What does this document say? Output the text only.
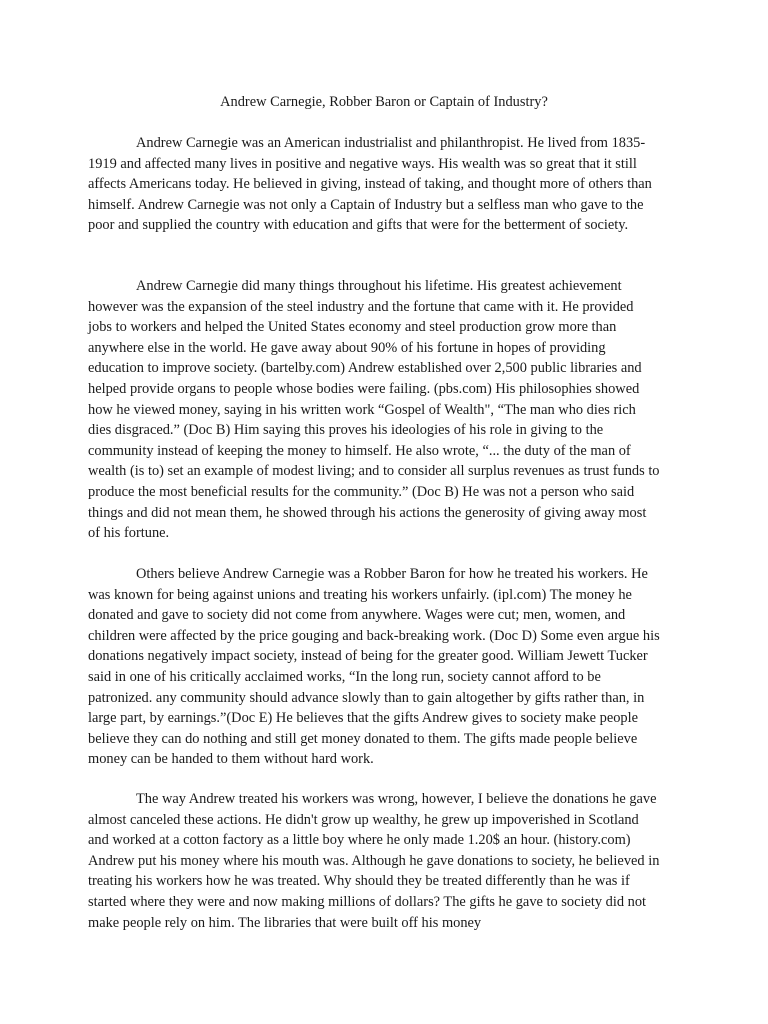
Andrew Carnegie, Robber Baron or Captain of Industry?

Andrew Carnegie was an American industrialist and philanthropist. He lived from 1835-1919 and affected many lives in positive and negative ways. His wealth was so great that it still affects Americans today. He believed in giving, instead of taking, and thought more of others than himself. Andrew Carnegie was not only a Captain of Industry but a selfless man who gave to the poor and supplied the country with education and gifts that were for the betterment of society.

Andrew Carnegie did many things throughout his lifetime. His greatest achievement however was the expansion of the steel industry and the fortune that came with it. He provided jobs to workers and helped the United States economy and steel production grow more than anywhere else in the world. He gave away about 90% of his fortune in hopes of providing education to improve society. (bartelby.com) Andrew established over 2,500 public libraries and helped provide organs to people whose bodies were failing. (pbs.com) His philosophies showed how he viewed money, saying in his written work “Gospel of Wealth", “The man who dies rich dies disgraced.” (Doc B) Him saying this proves his ideologies of his role in giving to the community instead of keeping the money to himself. He also wrote, “... the duty of the man of wealth (is to) set an example of modest living; and to consider all surplus revenues as trust funds to produce the most beneficial results for the community.” (Doc B) He was not a person who said things and did not mean them, he showed through his actions the generosity of giving away most of his fortune.

Others believe Andrew Carnegie was a Robber Baron for how he treated his workers. He was known for being against unions and treating his workers unfairly. (ipl.com) The money he donated and gave to society did not come from anywhere. Wages were cut; men, women, and children were affected by the price gouging and back-breaking work. (Doc D) Some even argue his donations negatively impact society, instead of being for the greater good. William Jewett Tucker said in one of his critically acclaimed works, “In the long run, society cannot afford to be patronized. any community should advance slowly than to gain altogether by gifts rather than, in large part, by earnings.”(Doc E) He believes that the gifts Andrew gives to society make people believe they can do nothing and still get money donated to them. The gifts made people believe money can be handed to them without hard work.

The way Andrew treated his workers was wrong, however, I believe the donations he gave almost canceled these actions. He didn't grow up wealthy, he grew up impoverished in Scotland and worked at a cotton factory as a little boy where he only made 1.20$ an hour. (history.com) Andrew put his money where his mouth was. Although he gave donations to society, he believed in treating his workers how he was treated. Why should they be treated differently than he was if started where they were and now making millions of dollars? The gifts he gave to society did not make people rely on him. The libraries that were built off his money
